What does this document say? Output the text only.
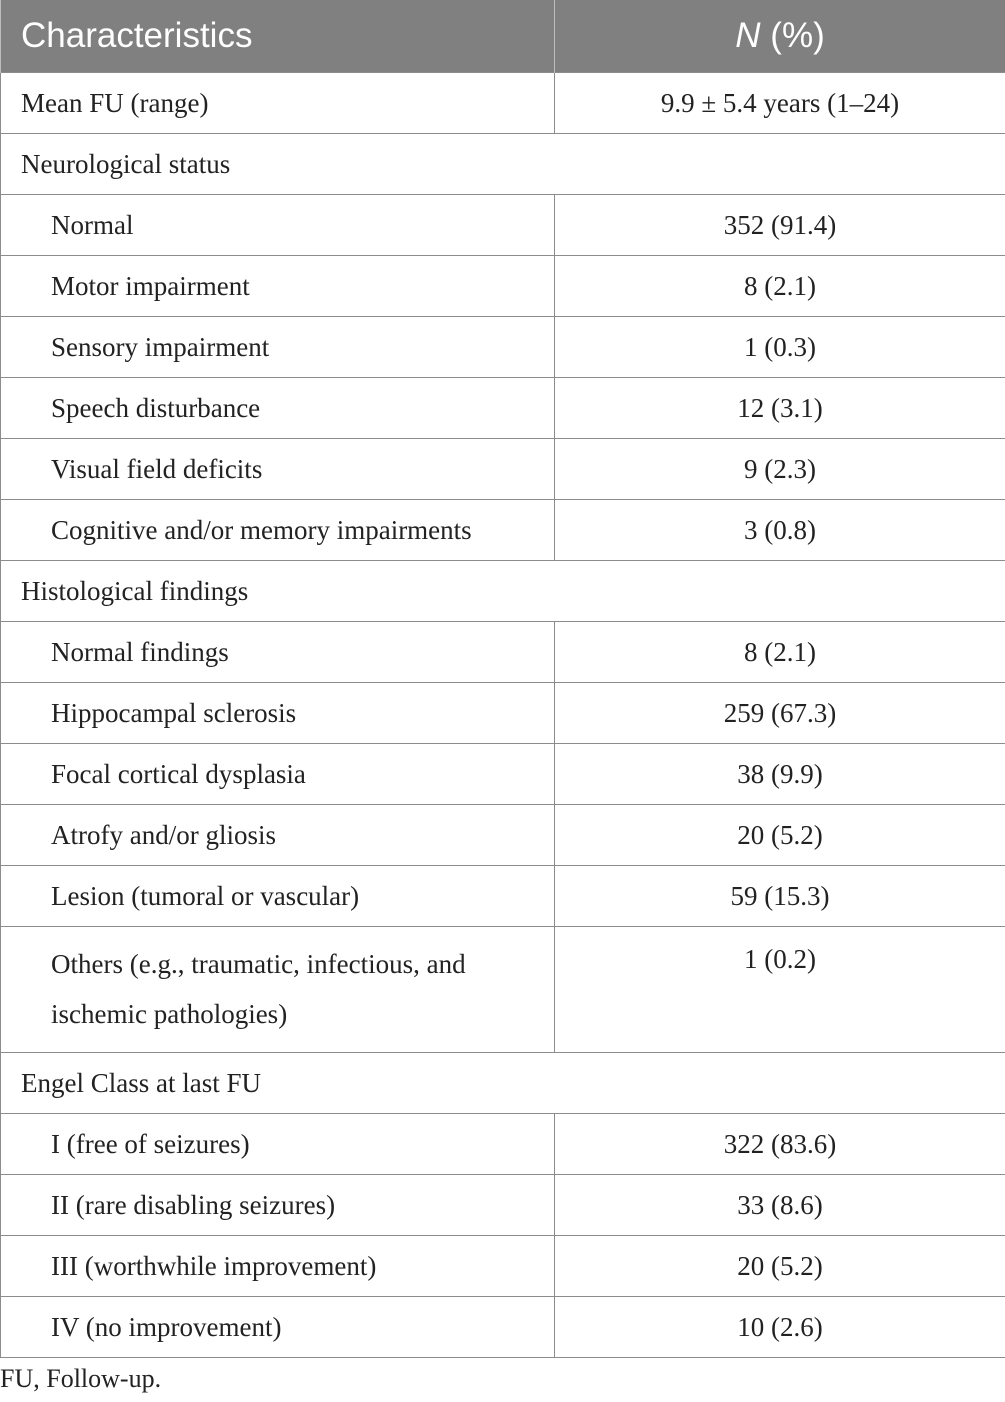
Characteristics	N (%)
Mean FU (range)	9.9 ± 5.4 years (1–24)
Neurological status	
Normal	352 (91.4)
Motor impairment	8 (2.1)
Sensory impairment	1 (0.3)
Speech disturbance	12 (3.1)
Visual field deficits	9 (2.3)
Cognitive and/or memory impairments	3 (0.8)
Histological findings	
Normal findings	8 (2.1)
Hippocampal sclerosis	259 (67.3)
Focal cortical dysplasia	38 (9.9)
Atrofy and/or gliosis	20 (5.2)
Lesion (tumoral or vascular)	59 (15.3)
Others (e.g., traumatic, infectious, and ischemic pathologies)	1 (0.2)
Engel Class at last FU	
I (free of seizures)	322 (83.6)
II (rare disabling seizures)	33 (8.6)
III (worthwhile improvement)	20 (5.2)
IV (no improvement)	10 (2.6)
FU, Follow-up.
